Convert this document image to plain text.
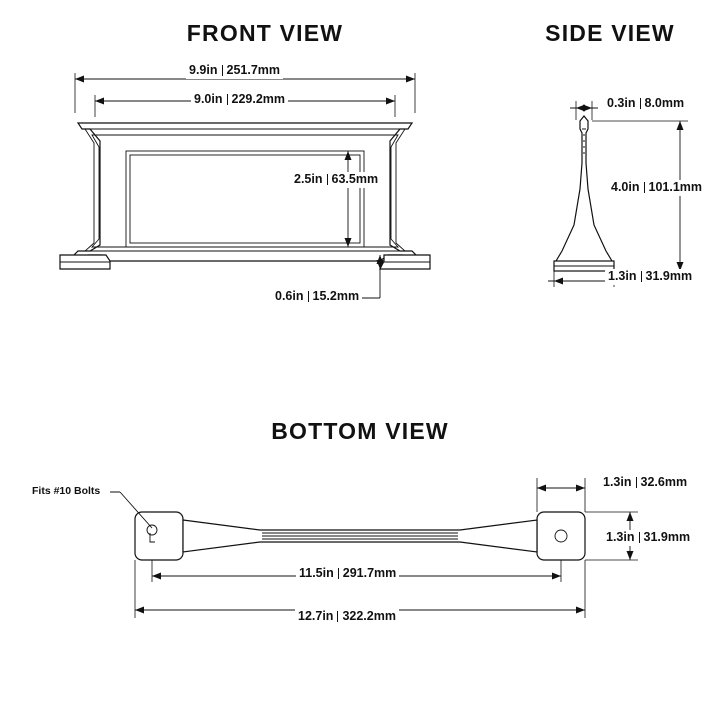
FRONT VIEW
9.9in 251.7mm
9.0in 229.2mm
2.5in 63.5mm
0.6in 15.2mm
SIDE VIEW
0.3in 8.0mm
4.0in 101.1mm
1.3in 31.9mm
BOTTOM VIEW
Fits #10 Bolts
1.3in 32.6mm
1.3in 31.9mm
11.5in 291.7mm
12.7in 322.2mm
